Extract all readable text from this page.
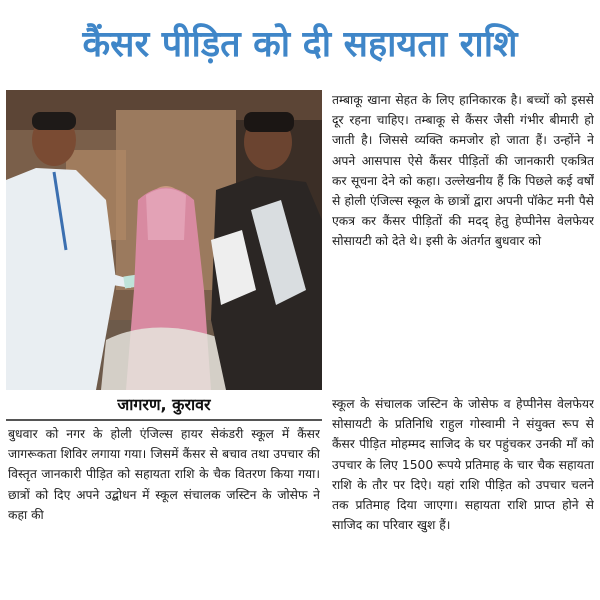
कैंसर पीड़ित को दी सहायता राशि

जागरण, कुरावर

बुधवार को नगर के होली एंजिल्स हायर सेकंडरी स्कूल में कैंसर जागरूकता शिविर लगाया गया। जिसमें कैंसर से बचाव तथा उपचार की विस्तृत जानकारी पीड़ित को सहायता राशि के चैक वितरण किया गया। छात्रों को दिए अपने उद्बोधन में स्कूल संचालक जस्टिन के जोसेफ ने कहा की

तम्बाकू खाना सेहत के लिए हानिकारक है। बच्चों को इससे दूर रहना चाहिए। तम्बाकू से कैंसर जैसी गंभीर बीमारी हो जाती है। जिससे व्यक्ति कमजोर हो जाता हैं। उन्होंने ने अपने आसपास ऐसे कैंसर पीड़ितों की जानकारी एकत्रित कर सूचना देने को कहा। उल्लेखनीय हैं कि पिछले कई वर्षों से होली एंजिल्स स्कूल के छात्रों द्वारा अपनी पॉकेट मनी पैसे एकत्र कर कैंसर पीड़ितों की मदद् हेतु हेप्पीनेस वेलफेयर सोसायटी को देते थे। इसी के अंतर्गत बुधवार को

स्कूल के संचालक जस्टिन के जोसेफ व हेप्पीनेस वेलफेयर सोसायटी के प्रतिनिधि राहुल गोस्वामी ने संयुक्त रूप से कैंसर पीड़ित मोहम्मद साजिद के घर पहुंचकर उनकी माँ को उपचार के लिए 1500 रूपये प्रतिमाह के चार चैक सहायता राशि के तौर पर दिऐ। यहां राशि पीड़ित को उपचार चलने तक प्रतिमाह दिया जाएगा। सहायता राशि प्राप्त होने से साजिद का परिवार खुश हैं।
